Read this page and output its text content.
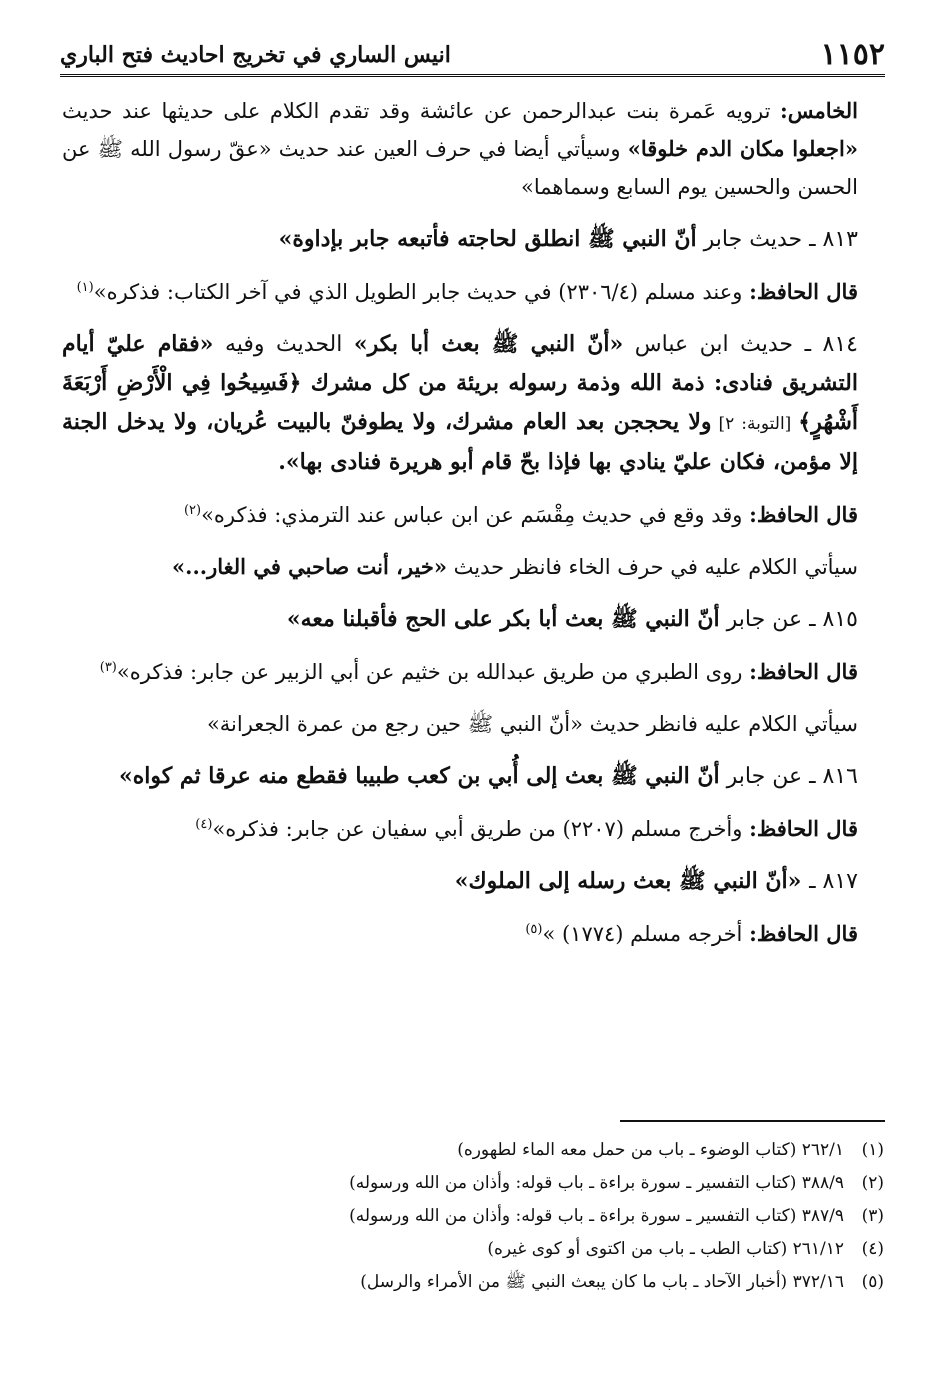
١١٥٢
انيس الساري في تخريج احاديث فتح الباري

الخامس: ترويه عَمرة بنت عبدالرحمن عن عائشة وقد تقدم الكلام على حديثها عند حديث «اجعلوا مكان الدم خلوقا» وسيأتي أيضا في حرف العين عند حديث «عقّ رسول الله ﷺ عن الحسن والحسين يوم السابع وسماهما»

٨١٣ ـ حديث جابر أنّ النبي ﷺ انطلق لحاجته فأتبعه جابر بإداوة»

قال الحافظ: وعند مسلم (٢٣٠٦/٤) في حديث جابر الطويل الذي في آخر الكتاب: فذكره»$^{(١)}$

٨١٤ ـ حديث ابن عباس «أنّ النبي ﷺ بعث أبا بكر» الحديث وفيه «فقام عليّ أيام التشريق فنادى: ذمة الله وذمة رسوله بريئة من كل مشرك ﴿فَسِيحُوا فِي الْأَرْضِ أَرْبَعَةَ أَشْهُرٍ﴾ [التوبة: ٢] ولا يحججن بعد العام مشرك، ولا يطوفنّ بالبيت عُريان، ولا يدخل الجنة إلا مؤمن، فكان عليّ ينادي بها فإذا بحّ قام أبو هريرة فنادى بها».

قال الحافظ: وقد وقع في حديث مِقْسَم عن ابن عباس عند الترمذي: فذكره»$^{(٢)}$

سيأتي الكلام عليه في حرف الخاء فانظر حديث «خير، أنت صاحبي في الغار...»

٨١٥ ـ عن جابر أنّ النبي ﷺ بعث أبا بكر على الحج فأقبلنا معه»

قال الحافظ: روى الطبري من طريق عبدالله بن خثيم عن أبي الزبير عن جابر: فذكره»$^{(٣)}$

سيأتي الكلام عليه فانظر حديث «أنّ النبي ﷺ حين رجع من عمرة الجعرانة»

٨١٦ ـ عن جابر أنّ النبي ﷺ بعث إلى أُبي بن كعب طبيبا فقطع منه عرقا ثم كواه»

قال الحافظ: وأخرج مسلم (٢٢٠٧) من طريق أبي سفيان عن جابر: فذكره»$^{(٤)}$

٨١٧ ـ «أنّ النبي ﷺ بعث رسله إلى الملوك»

قال الحافظ: أخرجه مسلم (١٧٧٤) »$^{(٥)}$

(١)٢٦٢/١ (كتاب الوضوء ـ باب من حمل معه الماء لطهوره)
(٢)٣٨٨/٩ (كتاب التفسير ـ سورة براءة ـ باب قوله: وأذان من الله ورسوله)
(٣)٣٨٧/٩ (كتاب التفسير ـ سورة براءة ـ باب قوله: وأذان من الله ورسوله)
(٤)٢٦١/١٢ (كتاب الطب ـ باب من اكتوى أو كوى غيره)
(٥)٣٧٢/١٦ (أخبار الآحاد ـ باب ما كان يبعث النبي ﷺ من الأمراء والرسل)
